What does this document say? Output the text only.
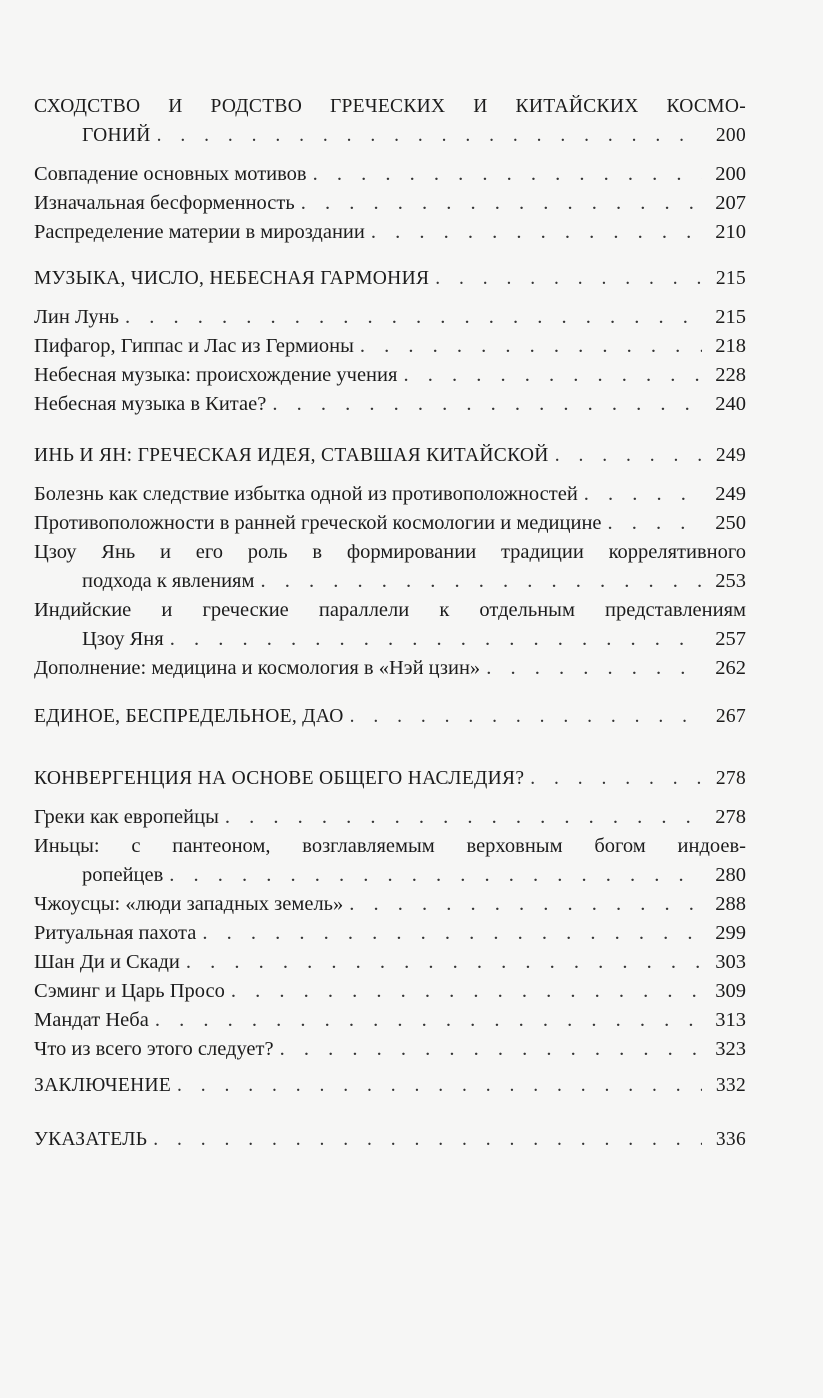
СХОДСТВО И РОДСТВО ГРЕЧЕСКИХ И КИТАЙСКИХ КОСМО-
ГОНИЙ . . .	200
Совпадение основных мотивов . . .	200
Изначальная бесформенность . . .	207
Распределение материи в мироздании . . .	210
МУЗЫКА, ЧИСЛО, НЕБЕСНАЯ ГАРМОНИЯ . . .	215
Лин Лунь . . .	215
Пифагор, Гиппас и Лас из Гермионы . . .	218
Небесная музыка: происхождение учения . . .	228
Небесная музыка в Китае? . . .	240
ИНЬ И ЯН: ГРЕЧЕСКАЯ ИДЕЯ, СТАВШАЯ КИТАЙСКОЙ . . .	249
Болезнь как следствие избытка одной из противоположностей . . .	249
Противоположности в ранней греческой космологии и медицине . . .	250
Цзоу Янь и его роль в формировании традиции коррелятивного
подхода к явлениям . . .	253
Индийские и греческие параллели к отдельным представлениям
Цзоу Яня . . .	257
Дополнение: медицина и космология в «Нэй цзин» . . .	262
ЕДИНОЕ, БЕСПРЕДЕЛЬНОЕ, ДАО . . .	267
КОНВЕРГЕНЦИЯ НА ОСНОВЕ ОБЩЕГО НАСЛЕДИЯ? . . .	278
Греки как европейцы . . .	278
Иньцы: с пантеоном, возглавляемым верховным богом индоев-
ропейцев . . .	280
Чжоусцы: «люди западных земель» . . .	288
Ритуальная пахота . . .	299
Шан Ди и Скади . . .	303
Сэминг и Царь Просо . . .	309
Мандат Неба . . .	313
Что из всего этого следует? . . .	323
ЗАКЛЮЧЕНИЕ . . .	332
УКАЗАТЕЛЬ . . .	336
